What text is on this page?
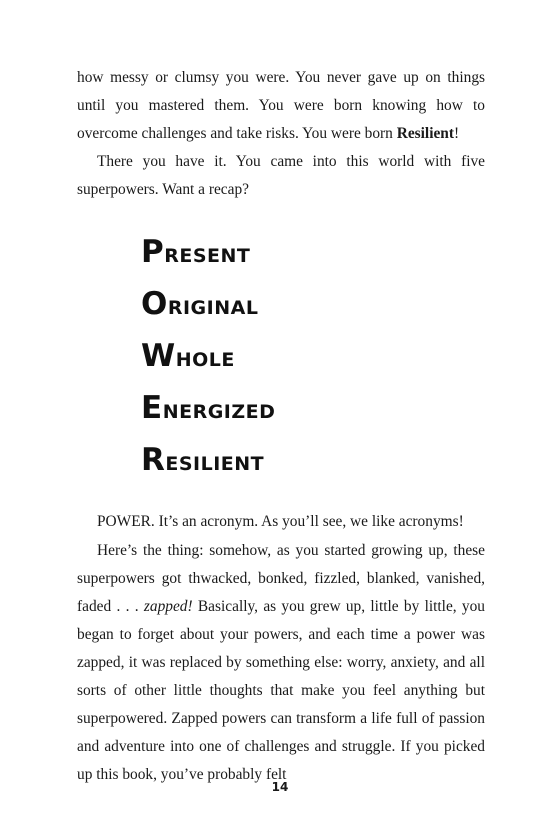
how messy or clumsy you were. You never gave up on things until you mastered them. You were born knowing how to overcome challenges and take risks. You were born Resilient!

There you have it. You came into this world with five superpowers. Want a recap?

Present
Original
Whole
Energized
Resilient

POWER. It’s an acronym. As you’ll see, we like acronyms!

Here’s the thing: somehow, as you started growing up, these superpowers got thwacked, bonked, fizzled, blanked, vanished, faded . . . zapped! Basically, as you grew up, little by little, you began to forget about your powers, and each time a power was zapped, it was replaced by something else: worry, anxiety, and all sorts of other little thoughts that make you feel anything but superpowered. Zapped powers can transform a life full of passion and adventure into one of challenges and struggle. If you picked up this book, you’ve probably felt

14
